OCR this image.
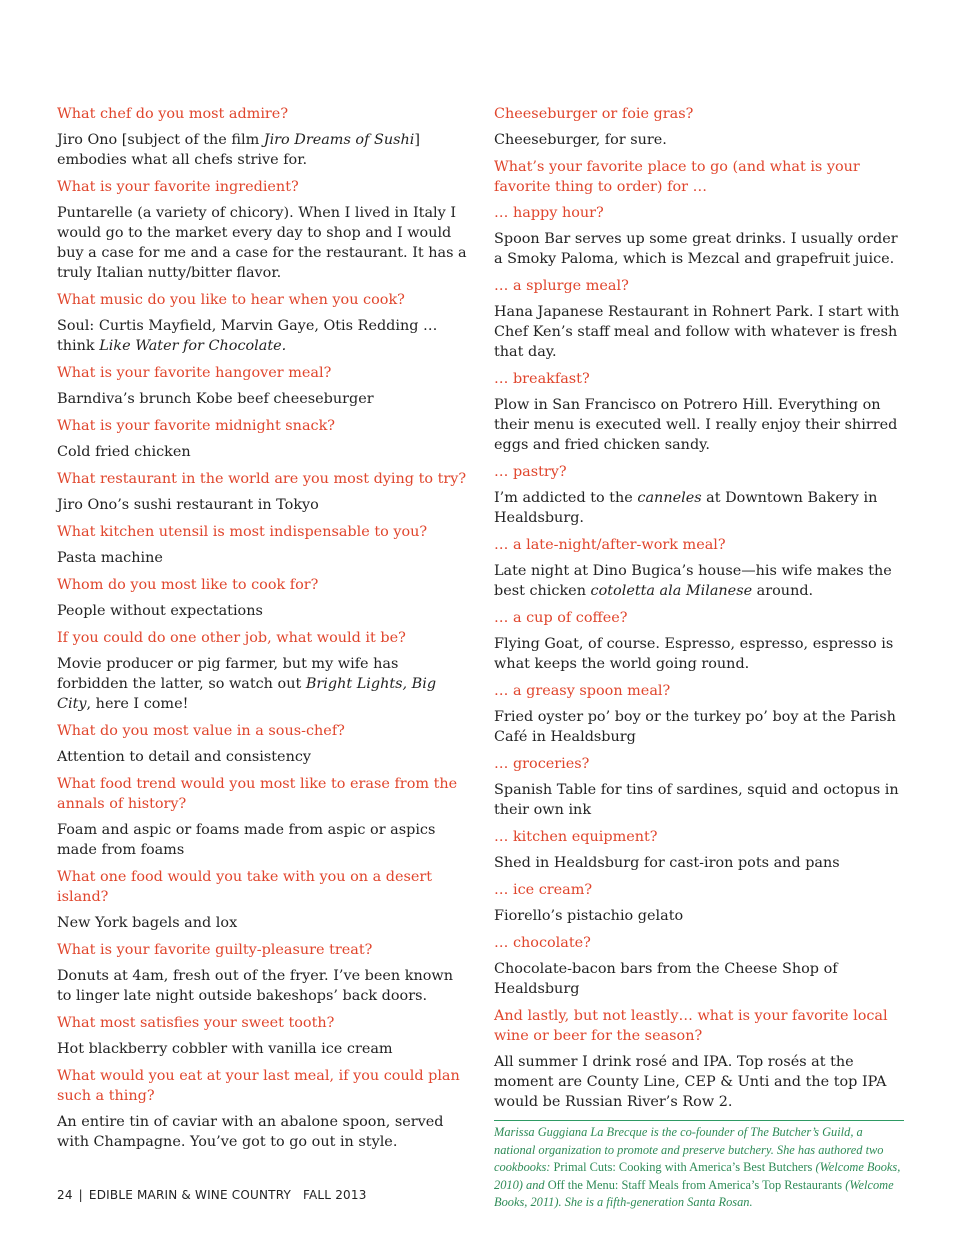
What chef do you most admire?

Jiro Ono [subject of the film Jiro Dreams of Sushi] embodies what all chefs strive for.

What is your favorite ingredient?

Puntarelle (a variety of chicory). When I lived in Italy I would go to the market every day to shop and I would buy a case for me and a case for the restaurant. It has a truly Italian nutty/bitter flavor.

What music do you like to hear when you cook?

Soul: Curtis Mayfield, Marvin Gaye, Otis Redding … think Like Water for Chocolate.

What is your favorite hangover meal?

Barndiva’s brunch Kobe beef cheeseburger

What is your favorite midnight snack?

Cold fried chicken

What restaurant in the world are you most dying to try?

Jiro Ono’s sushi restaurant in Tokyo

What kitchen utensil is most indispensable to you?

Pasta machine

Whom do you most like to cook for?

People without expectations

If you could do one other job, what would it be?

Movie producer or pig farmer, but my wife has forbidden the latter, so watch out Bright Lights, Big City, here I come!

What do you most value in a sous-chef?

Attention to detail and consistency

What food trend would you most like to erase from the annals of history?

Foam and aspic or foams made from aspic or aspics made from foams

What one food would you take with you on a desert island?

New York bagels and lox

What is your favorite guilty-pleasure treat?

Donuts at 4am, fresh out of the fryer. I’ve been known to linger late night outside bakeshops’ back doors.

What most satisfies your sweet tooth?

Hot blackberry cobbler with vanilla ice cream

What would you eat at your last meal, if you could plan such a thing?

An entire tin of caviar with an abalone spoon, served with Champagne. You’ve got to go out in style.

Cheeseburger or foie gras?

Cheeseburger, for sure.

What’s your favorite place to go (and what is your favorite thing to order) for …

… happy hour?

Spoon Bar serves up some great drinks. I usually order a Smoky Paloma, which is Mezcal and grapefruit juice.

… a splurge meal?

Hana Japanese Restaurant in Rohnert Park. I start with Chef Ken’s staff meal and follow with whatever is fresh that day.

… breakfast?

Plow in San Francisco on Potrero Hill. Everything on their menu is executed well. I really enjoy their shirred eggs and fried chicken sandy.

… pastry?

I’m addicted to the canneles at Downtown Bakery in Healdsburg.

… a late-night/after-work meal?

Late night at Dino Bugica’s house—his wife makes the best chicken cotoletta ala Milanese around.

… a cup of coffee?

Flying Goat, of course. Espresso, espresso, espresso is what keeps the world going round.

… a greasy spoon meal?

Fried oyster po’ boy or the turkey po’ boy at the Parish Café in Healdsburg

… groceries?

Spanish Table for tins of sardines, squid and octopus in their own ink

… kitchen equipment?

Shed in Healdsburg for cast-iron pots and pans

… ice cream?

Fiorello’s pistachio gelato

… chocolate?

Chocolate-bacon bars from the Cheese Shop of Healdsburg

And lastly, but not leastly… what is your favorite local wine or beer for the season?

All summer I drink rosé and IPA. Top rosés at the moment are County Line, CEP & Unti and the top IPA would be Russian River’s Row 2.

Marissa Guggiana La Brecque is the co-founder of The Butcher’s Guild, a national organization to promote and preserve butchery. She has authored two cookbooks: Primal Cuts: Cooking with America’s Best Butchers (Welcome Books, 2010) and Off the Menu: Staff Meals from America’s Top Restaurants (Welcome Books, 2011). She is a fifth-generation Santa Rosan.
24 | EDIBLE MARIN & WINE COUNTRY FALL 2013
